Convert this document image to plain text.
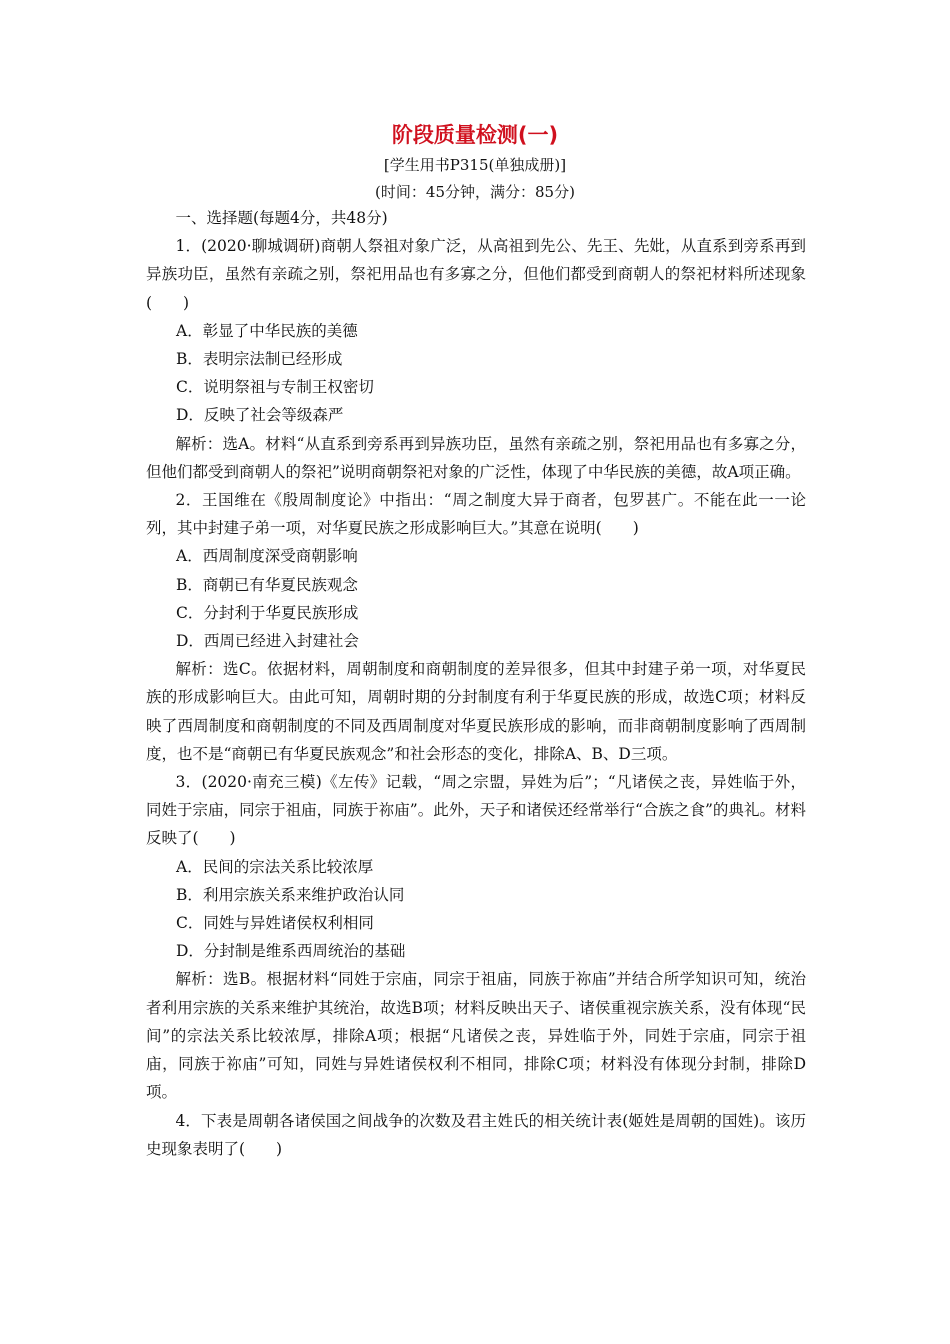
阶段质量检测(一)
[学生用书P315(单独成册)]
(时间：45分钟，满分：85分)

一、选择题(每题4分，共48分)

1．(2020·聊城调研)商朝人祭祖对象广泛，从高祖到先公、先王、先妣，从直系到旁系再到异族功臣，虽然有亲疏之别，祭祀用品也有多寡之分，但他们都受到商朝人的祭祀材料所述现象(　　)

A．彰显了中华民族的美德

B．表明宗法制已经形成

C．说明祭祖与专制王权密切

D．反映了社会等级森严

解析：选A。材料“从直系到旁系再到异族功臣，虽然有亲疏之别，祭祀用品也有多寡之分，但他们都受到商朝人的祭祀”说明商朝祭祀对象的广泛性，体现了中华民族的美德，故A项正确。

2．王国维在《殷周制度论》中指出：“周之制度大异于商者，包罗甚广。不能在此一一论列，其中封建子弟一项，对华夏民族之形成影响巨大。”其意在说明(　　)

A．西周制度深受商朝影响

B．商朝已有华夏民族观念

C．分封利于华夏民族形成

D．西周已经进入封建社会

解析：选C。依据材料，周朝制度和商朝制度的差异很多，但其中封建子弟一项，对华夏民族的形成影响巨大。由此可知，周朝时期的分封制度有利于华夏民族的形成，故选C项；材料反映了西周制度和商朝制度的不同及西周制度对华夏民族形成的影响，而非商朝制度影响了西周制度，也不是“商朝已有华夏民族观念”和社会形态的变化，排除A、B、D三项。

3．(2020·南充三模)《左传》记载，“周之宗盟，异姓为后”；“凡诸侯之丧，异姓临于外，同姓于宗庙，同宗于祖庙，同族于祢庙”。此外，天子和诸侯还经常举行“合族之食”的典礼。材料反映了(　　)

A．民间的宗法关系比较浓厚

B．利用宗族关系来维护政治认同

C．同姓与异姓诸侯权利相同

D．分封制是维系西周统治的基础

解析：选B。根据材料“同姓于宗庙，同宗于祖庙，同族于祢庙”并结合所学知识可知，统治者利用宗族的关系来维护其统治，故选B项；材料反映出天子、诸侯重视宗族关系，没有体现“民间”的宗法关系比较浓厚，排除A项；根据“凡诸侯之丧，异姓临于外，同姓于宗庙，同宗于祖庙，同族于祢庙”可知，同姓与异姓诸侯权利不相同，排除C项；材料没有体现分封制，排除D项。

4．下表是周朝各诸侯国之间战争的次数及君主姓氏的相关统计表(姬姓是周朝的国姓)。该历史现象表明了(　　)
